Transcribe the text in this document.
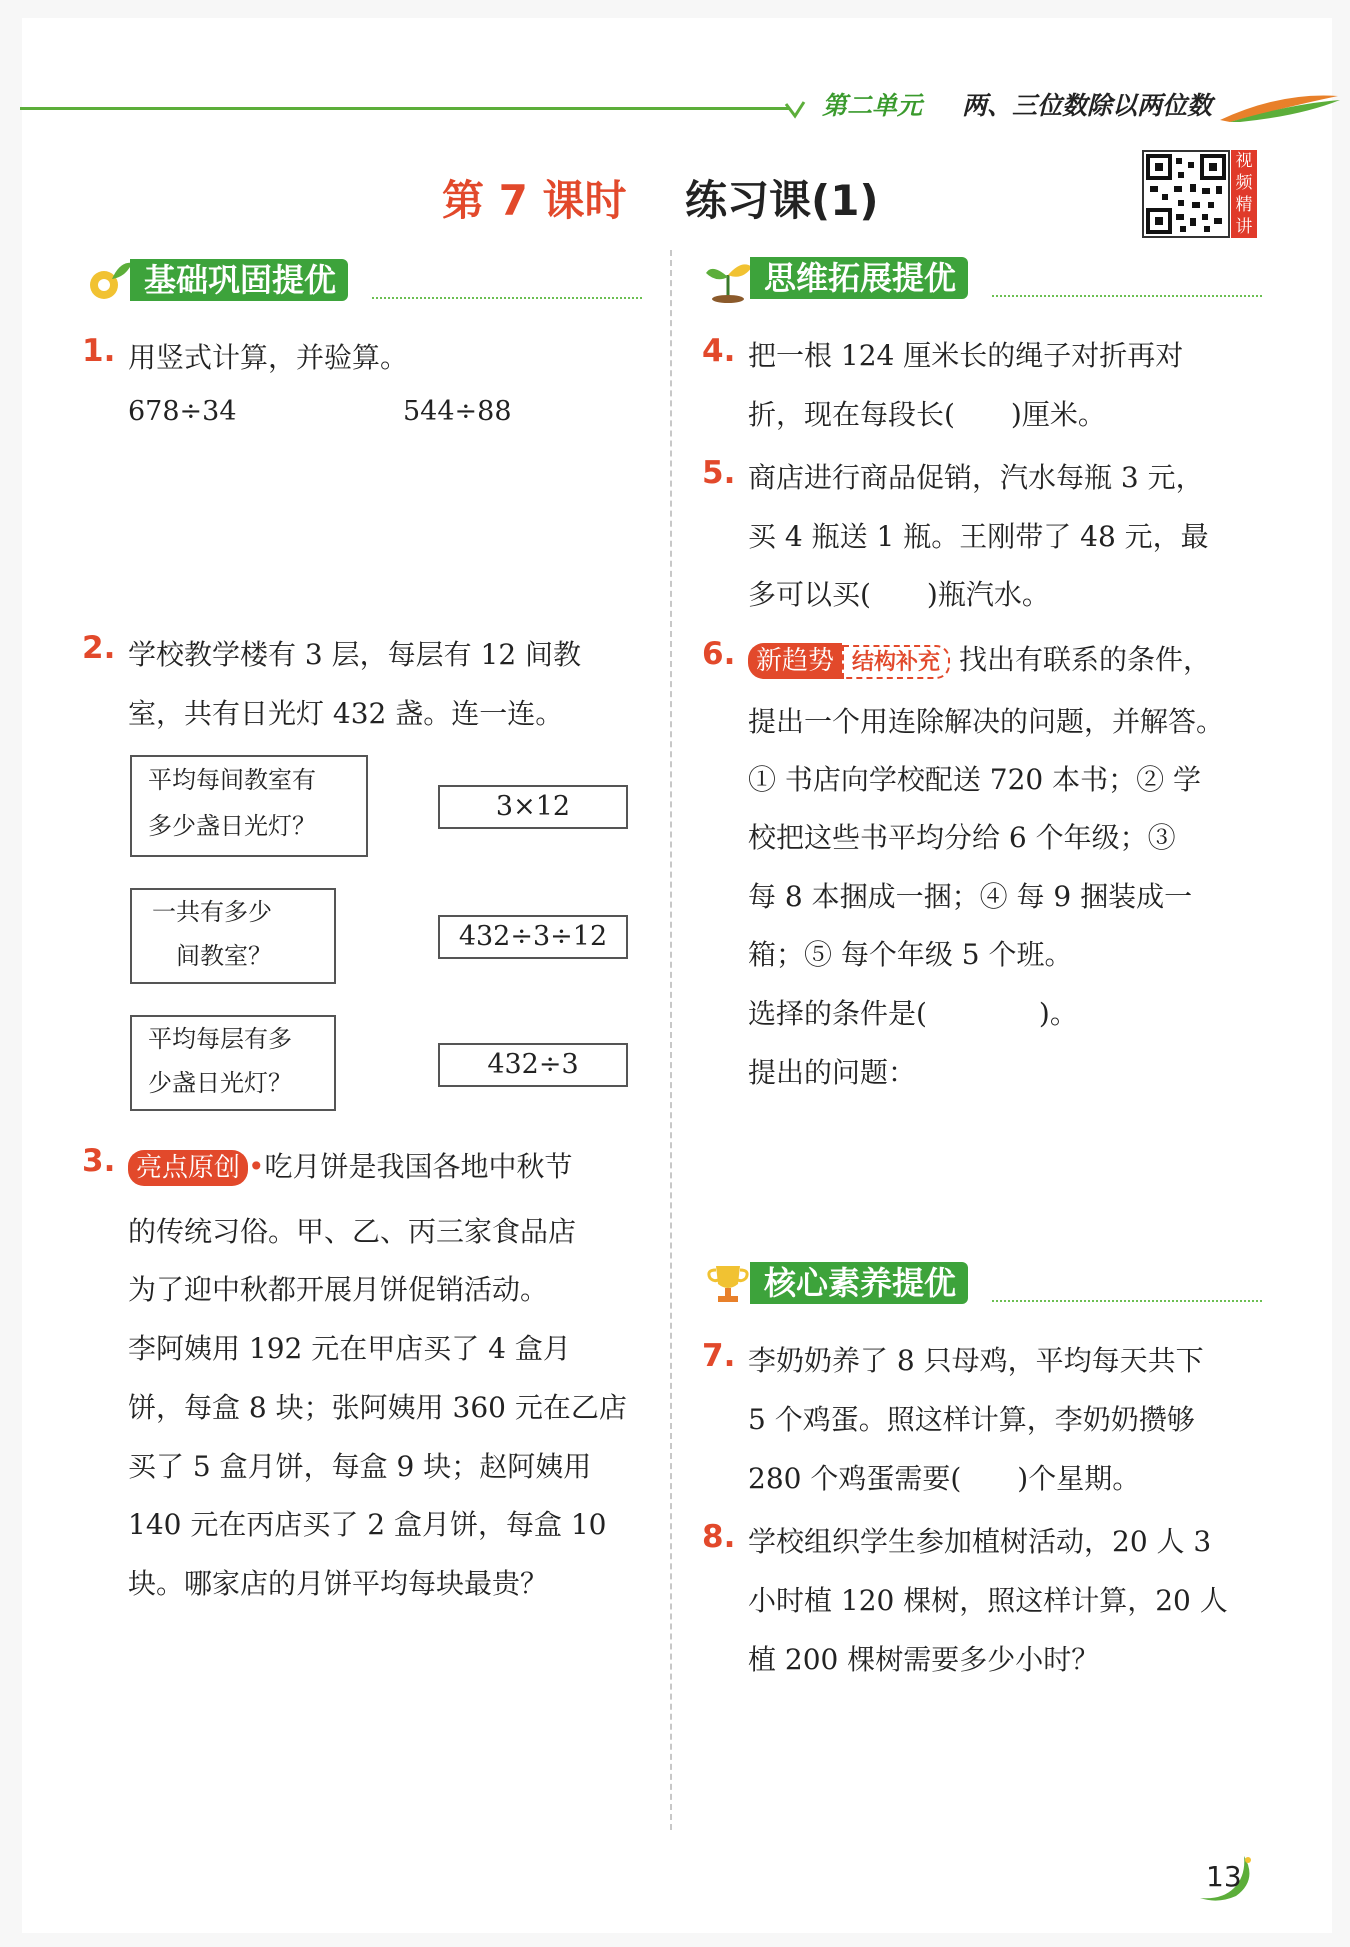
第二单元 两、三位数除以两位数
第 7 课时 练习课(1)
视频精讲
基础巩固提优	思维拓展提优
核心素养提优
1. 用竖式计算，并验算。
678÷34	544÷88
2. 学校教学楼有 3 层，每层有 12 间教
室，共有日光灯 432 盏。连一连。
平均每间教室有
多少盏日光灯？
一共有多少
间教室？
平均每层有多
少盏日光灯？
3×12
432÷3÷12
432÷3
3. 亮点原创 •吃月饼是我国各地中秋节
的传统习俗。甲、乙、丙三家食品店
为了迎中秋都开展月饼促销活动。
李阿姨用 192 元在甲店买了 4 盒月
饼，每盒 8 块；张阿姨用 360 元在乙店
买了 5 盒月饼，每盒 9 块；赵阿姨用
140 元在丙店买了 2 盒月饼，每盒 10
块。哪家店的月饼平均每块最贵？
4. 把一根 124 厘米长的绳子对折再对
折，现在每段长(　　)厘米。
5. 商店进行商品促销，汽水每瓶 3 元，
买 4 瓶送 1 瓶。王刚带了 48 元，最
多可以买(　　)瓶汽水。
6. 新趋势 结构补充 找出有联系的条件，
提出一个用连除解决的问题，并解答。
① 书店向学校配送 720 本书；② 学
校把这些书平均分给 6 个年级；③
每 8 本捆成一捆；④ 每 9 捆装成一
箱；⑤ 每个年级 5 个班。
选择的条件是(　　　　)。
提出的问题：
7. 李奶奶养了 8 只母鸡，平均每天共下
5 个鸡蛋。照这样计算，李奶奶攒够
280 个鸡蛋需要(　　)个星期。
8. 学校组织学生参加植树活动，20 人 3
小时植 120 棵树，照这样计算，20 人
植 200 棵树需要多少小时？
13
